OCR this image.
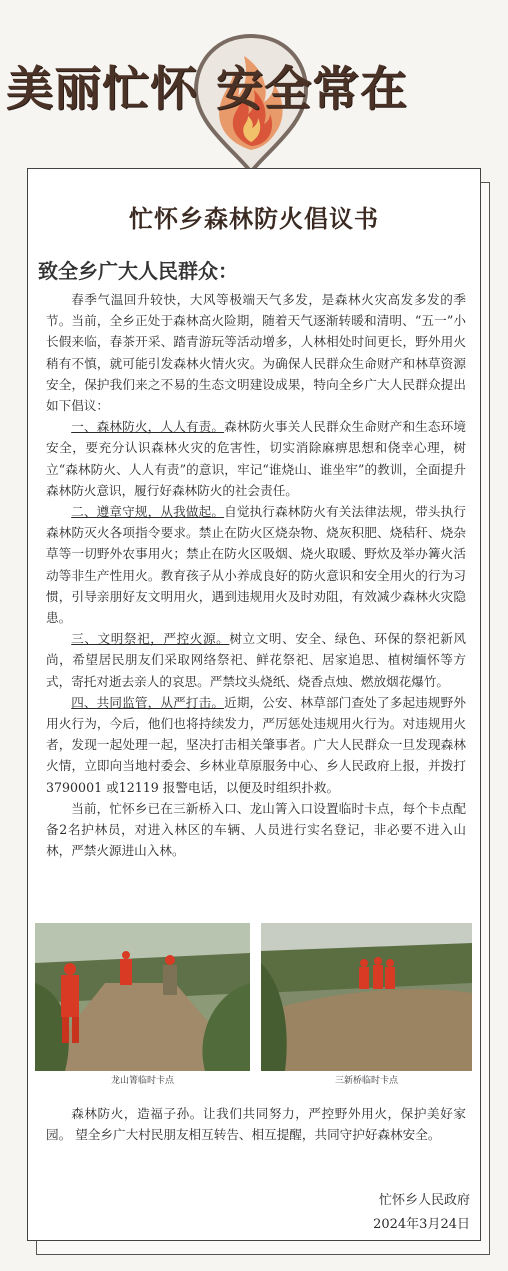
美丽忙怀 安全常在
忙怀乡森林防火倡议书
致全乡广大人民群众：

春季气温回升较快，大风等极端天气多发，是森林火灾高发多发的季节。当前，全乡正处于森林高火险期，随着天气逐渐转暖和清明、“五一”小长假来临，春茶开采、踏青游玩等活动增多，人林相处时间更长，野外用火稍有不慎，就可能引发森林火情火灾。为确保人民群众生命财产和林草资源安全，保护我们来之不易的生态文明建设成果，特向全乡广大人民群众提出如下倡议：

一、森林防火，人人有责。森林防火事关人民群众生命财产和生态环境安全，要充分认识森林火灾的危害性，切实消除麻痹思想和侥幸心理，树立“森林防火、人人有责”的意识，牢记“谁烧山、谁坐牢”的教训，全面提升森林防火意识，履行好森林防火的社会责任。

二、遵章守规，从我做起。自觉执行森林防火有关法律法规，带头执行森林防灭火各项指令要求。禁止在防火区烧杂物、烧灰积肥、烧秸秆、烧杂草等一切野外农事用火；禁止在防火区吸烟、烧火取暖、野炊及举办篝火活动等非生产性用火。教育孩子从小养成良好的防火意识和安全用火的行为习惯，引导亲朋好友文明用火，遇到违规用火及时劝阻，有效减少森林火灾隐患。

三、文明祭祀，严控火源。树立文明、安全、绿色、环保的祭祀新风尚，希望居民朋友们采取网络祭祀、鲜花祭祀、居家追思、植树缅怀等方式，寄托对逝去亲人的哀思。严禁坟头烧纸、烧香点烛、燃放烟花爆竹。

四、共同监管，从严打击。近期，公安、林草部门查处了多起违规野外用火行为，今后，他们也将持续发力，严厉惩处违规用火行为。对违规用火者，发现一起处理一起，坚决打击相关肇事者。广大人民群众一旦发现森林火情，立即向当地村委会、乡林业草原服务中心、乡人民政府上报，并拨打 3790001 或12119 报警电话，以便及时组织扑救。

当前，忙怀乡已在三新桥入口、龙山箐入口设置临时卡点，每个卡点配备2名护林员，对进入林区的车辆、人员进行实名登记，非必要不进入山林，严禁火源进山入林。

龙山箐临时卡点	三新桥临时卡点

森林防火，造福子孙。让我们共同努力，严控野外用火，保护美好家园。 望全乡广大村民朋友相互转告、相互提醒，共同守护好森林安全。

忙怀乡人民政府
2024年3月24日
